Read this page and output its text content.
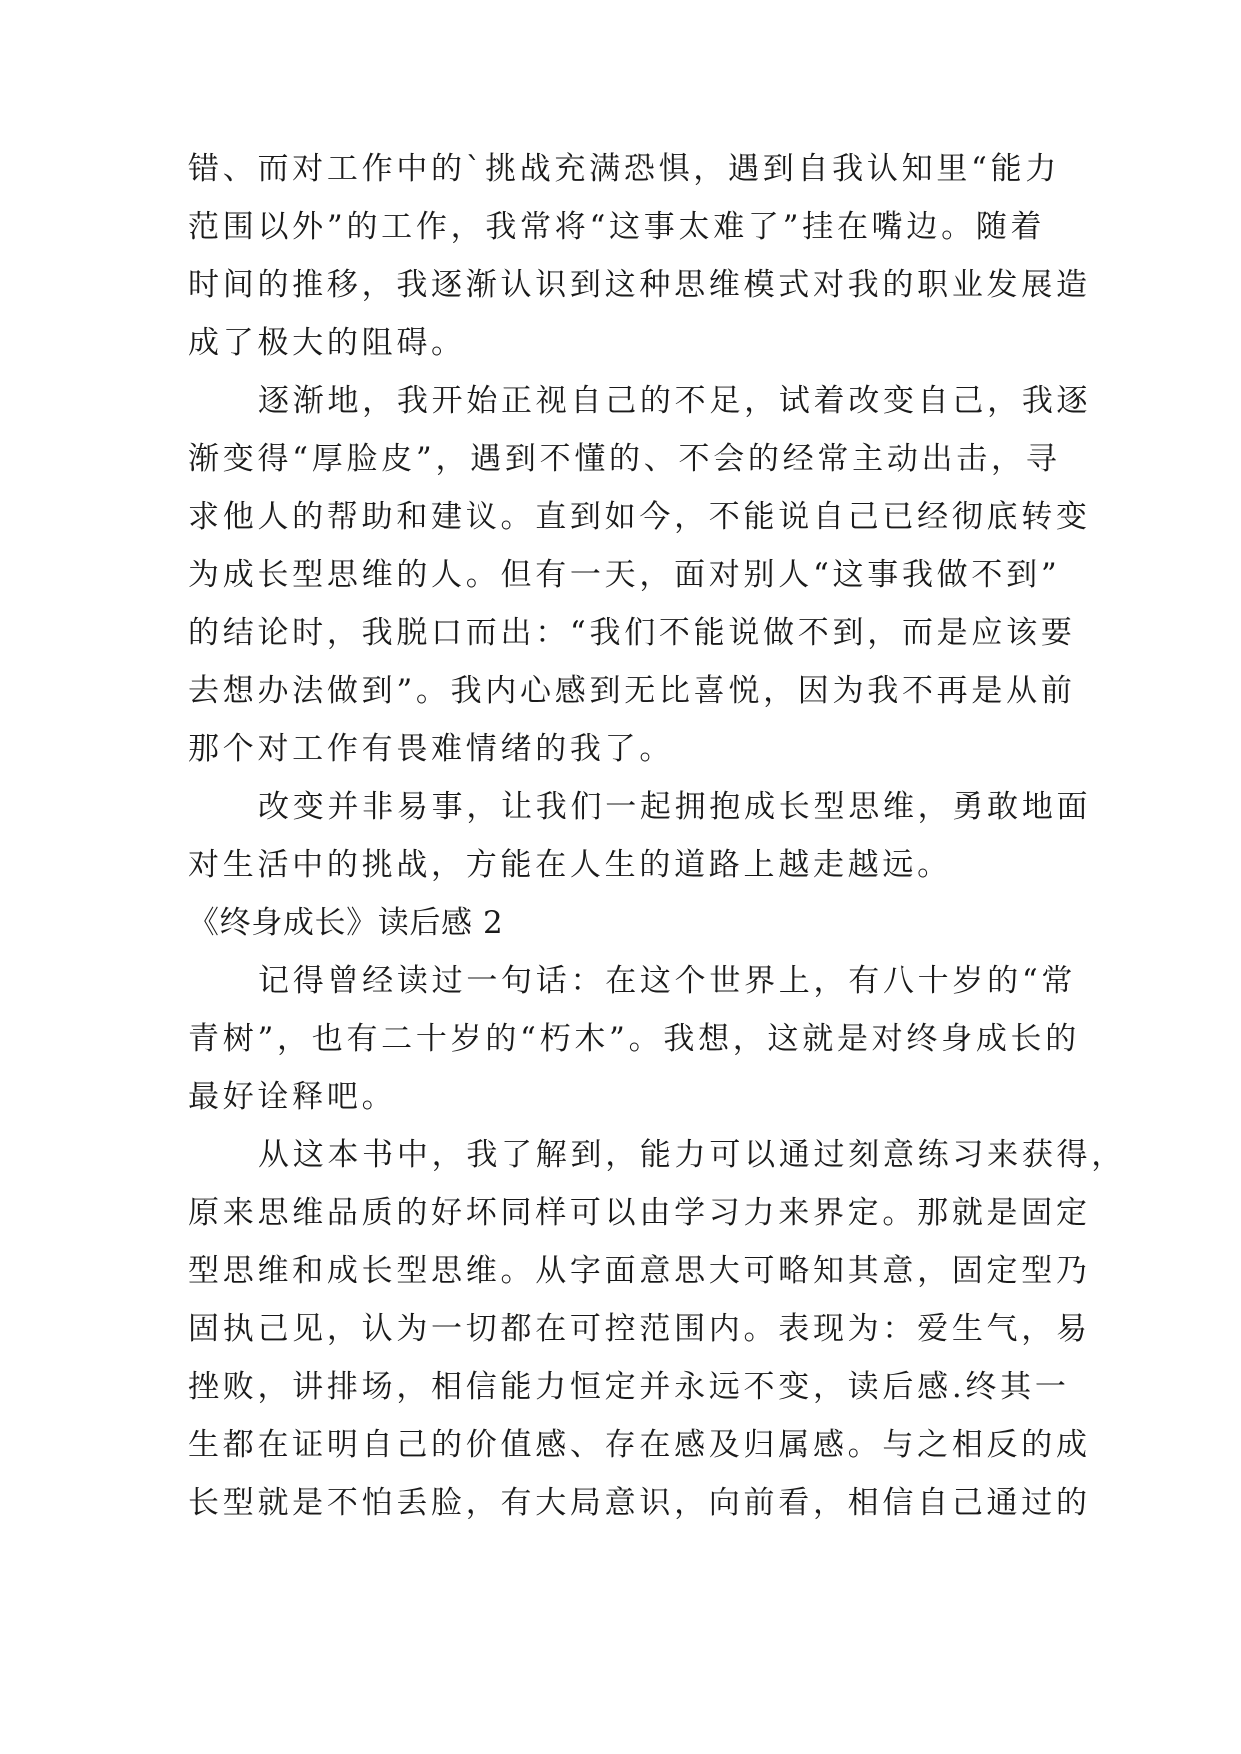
错、而对工作中的`挑战充满恐惧，遇到自我认知里“能力
范围以外”的工作，我常将“这事太难了”挂在嘴边。随着
时间的推移，我逐渐认识到这种思维模式对我的职业发展造
成了极大的阻碍。
逐渐地，我开始正视自己的不足，试着改变自己，我逐
渐变得“厚脸皮”，遇到不懂的、不会的经常主动出击，寻
求他人的帮助和建议。直到如今，不能说自己已经彻底转变
为成长型思维的人。但有一天，面对别人“这事我做不到”
的结论时，我脱口而出：“我们不能说做不到，而是应该要
去想办法做到”。我内心感到无比喜悦，因为我不再是从前
那个对工作有畏难情绪的我了。
改变并非易事，让我们一起拥抱成长型思维，勇敢地面
对生活中的挑战，方能在人生的道路上越走越远。
《终身成长》读后感 2
记得曾经读过一句话：在这个世界上，有八十岁的“常
青树”，也有二十岁的“朽木”。我想，这就是对终身成长的
最好诠释吧。
从这本书中，我了解到，能力可以通过刻意练习来获得，
原来思维品质的好坏同样可以由学习力来界定。那就是固定
型思维和成长型思维。从字面意思大可略知其意，固定型乃
固执己见，认为一切都在可控范围内。表现为：爱生气，易
挫败，讲排场，相信能力恒定并永远不变，读后感.终其一
生都在证明自己的价值感、存在感及归属感。与之相反的成
长型就是不怕丢脸，有大局意识，向前看，相信自己通过的
